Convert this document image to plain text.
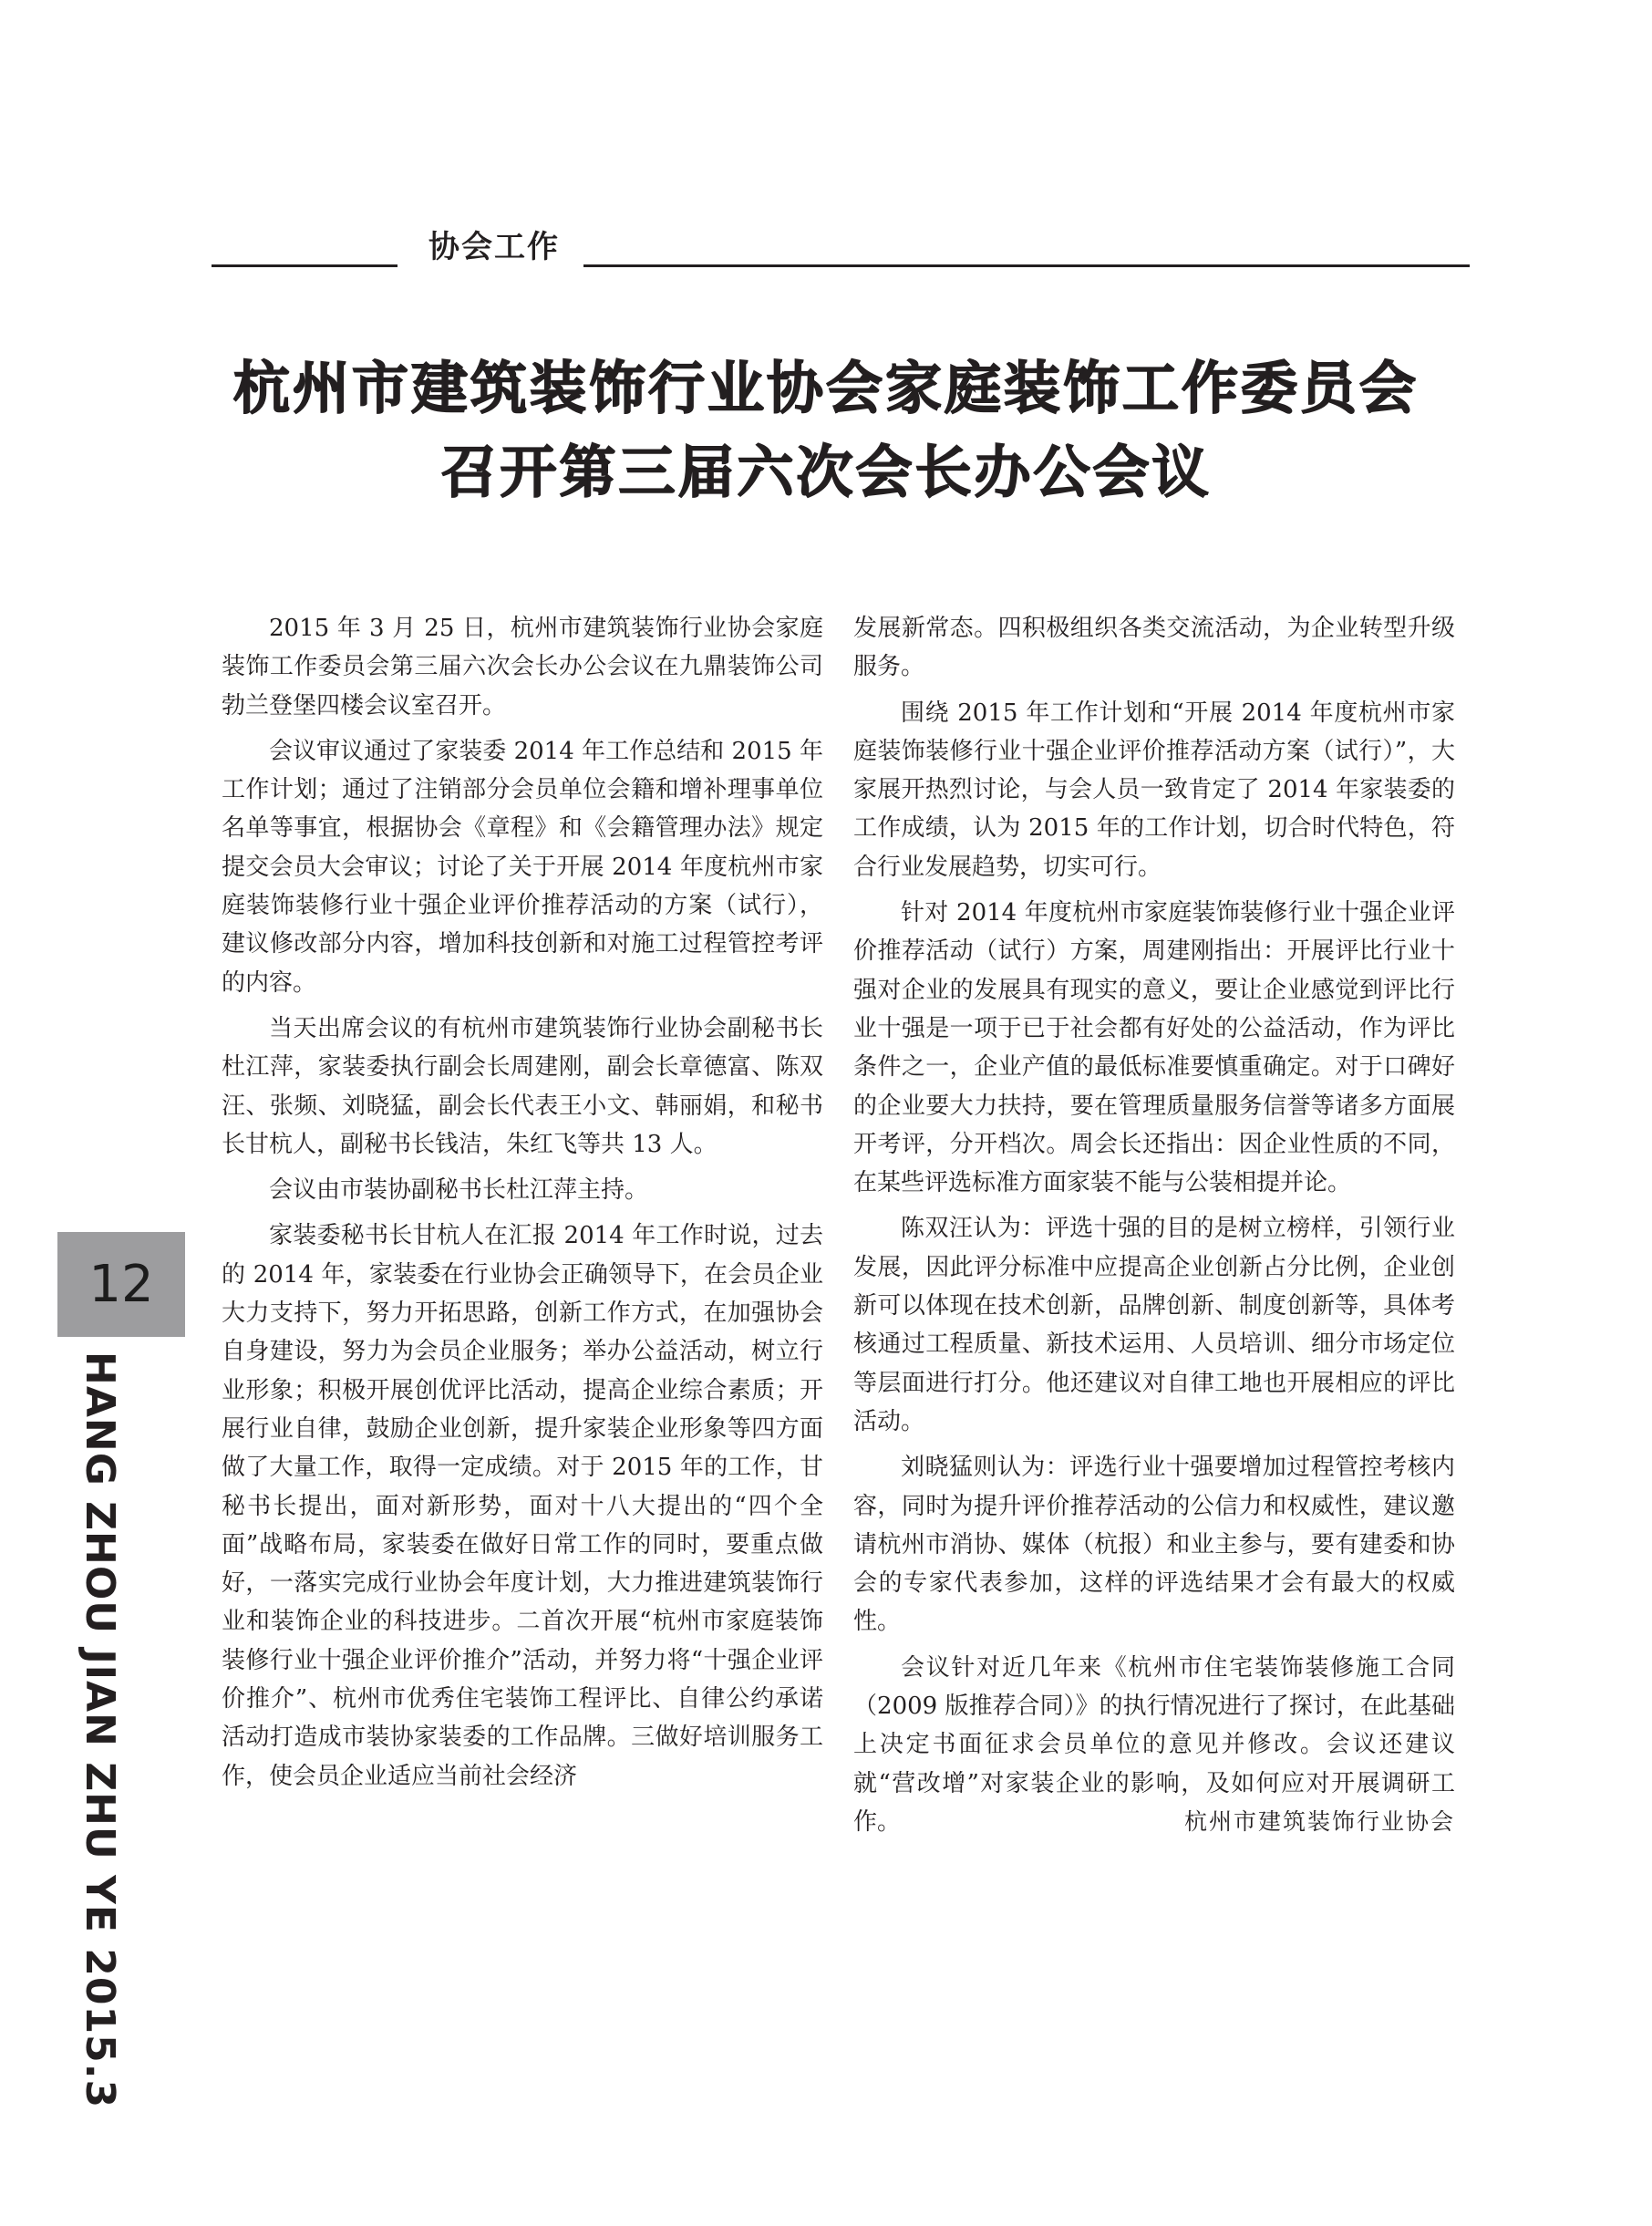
协会工作
杭州市建筑装饰行业协会家庭装饰工作委员会
召开第三届六次会长办公会议

2015 年 3 月 25 日，杭州市建筑装饰行业协会家庭装饰工作委员会第三届六次会长办公会议在九鼎装饰公司勃兰登堡四楼会议室召开。

会议审议通过了家装委 2014 年工作总结和 2015 年工作计划；通过了注销部分会员单位会籍和增补理事单位名单等事宜，根据协会《章程》和《会籍管理办法》规定提交会员大会审议；讨论了关于开展 2014 年度杭州市家庭装饰装修行业十强企业评价推荐活动的方案（试行），建议修改部分内容，增加科技创新和对施工过程管控考评的内容。

当天出席会议的有杭州市建筑装饰行业协会副秘书长杜江萍，家装委执行副会长周建刚，副会长章德富、陈双汪、张频、刘晓猛，副会长代表王小文、韩丽娟，和秘书长甘杭人，副秘书长钱洁，朱红飞等共 13 人。

会议由市装协副秘书长杜江萍主持。

家装委秘书长甘杭人在汇报 2014 年工作时说，过去的 2014 年，家装委在行业协会正确领导下，在会员企业大力支持下，努力开拓思路，创新工作方式，在加强协会自身建设，努力为会员企业服务；举办公益活动，树立行业形象；积极开展创优评比活动，提高企业综合素质；开展行业自律，鼓励企业创新，提升家装企业形象等四方面做了大量工作，取得一定成绩。对于 2015 年的工作，甘秘书长提出，面对新形势，面对十八大提出的“四个全面”战略布局，家装委在做好日常工作的同时，要重点做好，一落实完成行业协会年度计划，大力推进建筑装饰行业和装饰企业的科技进步。二首次开展“杭州市家庭装饰装修行业十强企业评价推介”活动，并努力将“十强企业评价推介”、杭州市优秀住宅装饰工程评比、自律公约承诺活动打造成市装协家装委的工作品牌。三做好培训服务工作，使会员企业适应当前社会经济

发展新常态。四积极组织各类交流活动，为企业转型升级服务。

围绕 2015 年工作计划和“开展 2014 年度杭州市家庭装饰装修行业十强企业评价推荐活动方案（试行）”，大家展开热烈讨论，与会人员一致肯定了 2014 年家装委的工作成绩，认为 2015 年的工作计划，切合时代特色，符合行业发展趋势，切实可行。

针对 2014 年度杭州市家庭装饰装修行业十强企业评价推荐活动（试行）方案，周建刚指出：开展评比行业十强对企业的发展具有现实的意义，要让企业感觉到评比行业十强是一项于已于社会都有好处的公益活动，作为评比条件之一，企业产值的最低标准要慎重确定。对于口碑好的企业要大力扶持，要在管理质量服务信誉等诸多方面展开考评，分开档次。周会长还指出：因企业性质的不同，在某些评选标准方面家装不能与公装相提并论。

陈双汪认为：评选十强的目的是树立榜样，引领行业发展，因此评分标准中应提高企业创新占分比例，企业创新可以体现在技术创新，品牌创新、制度创新等，具体考核通过工程质量、新技术运用、人员培训、细分市场定位等层面进行打分。他还建议对自律工地也开展相应的评比活动。

刘晓猛则认为：评选行业十强要增加过程管控考核内容，同时为提升评价推荐活动的公信力和权威性，建议邀请杭州市消协、媒体（杭报）和业主参与，要有建委和协会的专家代表参加，这样的评选结果才会有最大的权威性。

会议针对近几年来《杭州市住宅装饰装修施工合同（2009 版推荐合同）》的执行情况进行了探讨，在此基础上决定书面征求会员单位的意见并修改。会议还建议就“营改增”对家装企业的影响，及如何应对开展调研工作。	杭州市建筑装饰行业协会

12
HANG ZHOU JIAN ZHU YE 2015.3
